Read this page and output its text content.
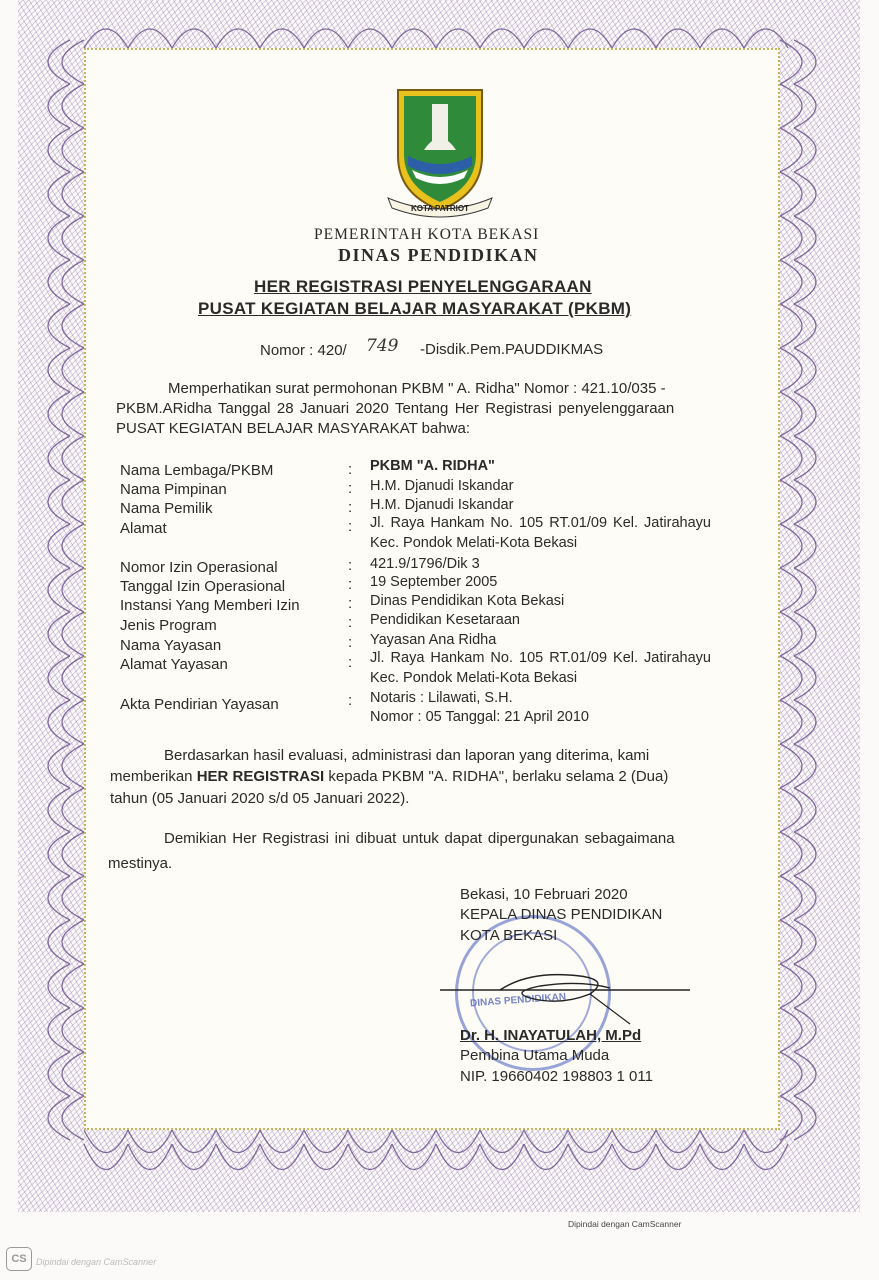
KOTA PATRIOT
PEMERINTAH KOTA BEKASI
DINAS PENDIDIKAN
HER REGISTRASI PENYELENGGARAAN
PUSAT KEGIATAN BELAJAR MASYARAKAT (PKBM)
Nomor : 420/ 749 -Disdik.Pem.PAUDDIKMAS
Memperhatikan surat permohonan PKBM " A. Ridha" Nomor : 421.10/035 -
PKBM.ARidha Tanggal 28 Januari 2020 Tentang Her Registrasi penyelenggaraan
PUSAT KEGIATAN BELAJAR MASYARAKAT bahwa:
Nama Lembaga/PKBM	: PKBM "A. RIDHA"
Nama Pimpinan	: H.M. Djanudi Iskandar
Nama Pemilik	: H.M. Djanudi Iskandar
Alamat	: Jl. Raya Hankam No. 105 RT.01/09 Kel. Jatirahayu
Kec. Pondok Melati-Kota Bekasi
Nomor Izin Operasional	: 421.9/1796/Dik 3
Tanggal Izin Operasional	: 19 September 2005
Instansi Yang Memberi Izin	: Dinas Pendidikan Kota Bekasi
Jenis Program	: Pendidikan Kesetaraan
Nama Yayasan	: Yayasan Ana Ridha
Alamat Yayasan	: Jl. Raya Hankam No. 105 RT.01/09 Kel. Jatirahayu
Kec. Pondok Melati-Kota Bekasi
Akta Pendirian Yayasan	: Notaris : Lilawati, S.H.
Nomor : 05 Tanggal: 21 April 2010
Berdasarkan hasil evaluasi, administrasi dan laporan yang diterima, kami
memberikan HER REGISTRASI kepada PKBM "A. RIDHA", berlaku selama 2 (Dua)
tahun (05 Januari 2020 s/d 05 Januari 2022).
Demikian Her Registrasi ini dibuat untuk dapat dipergunakan sebagaimana
mestinya.
DINAS PENDIDIKAN
Bekasi, 10 Februari 2020
KEPALA DINAS PENDIDIKAN
KOTA BEKASI
Dr. H. INAYATULAH, M.Pd
Pembina Utama Muda
NIP. 19660402 198803 1 011
Dipindai dengan CamScanner
CS	Dipindai dengan CamScanner
